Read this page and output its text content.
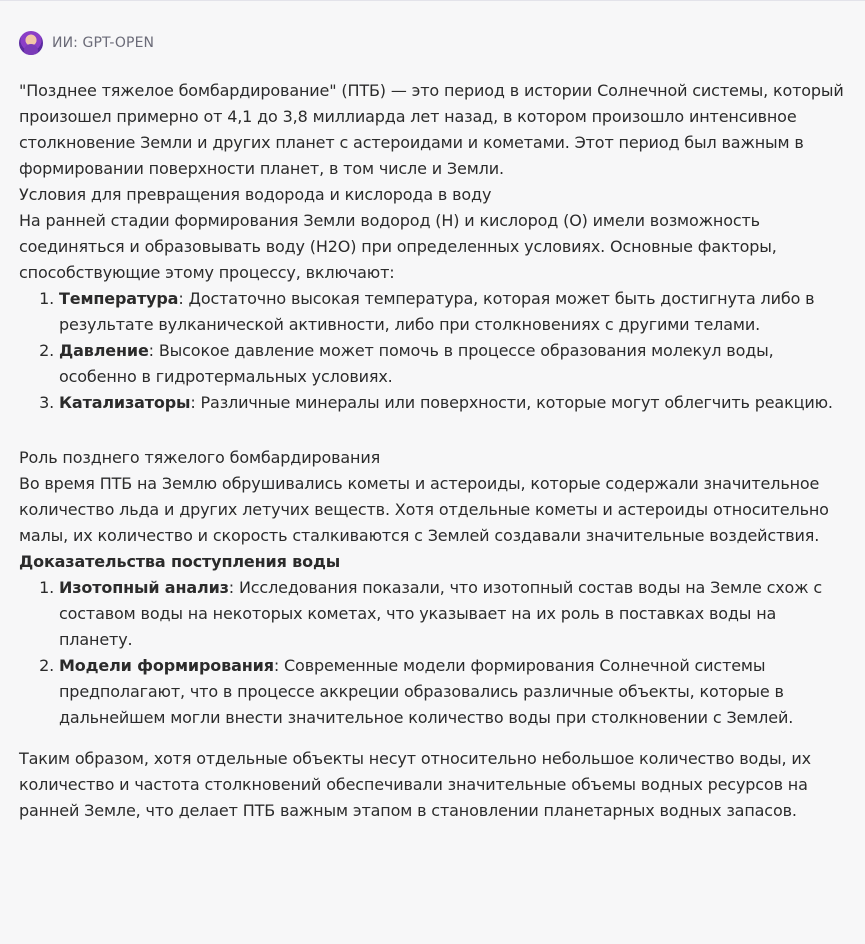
ИИ: GPT-OPEN

"Позднее тяжелое бомбардирование" (ПТБ) — это период в истории Солнечной системы, который произошел примерно от 4,1 до 3,8 миллиарда лет назад, в котором произошло интенсивное столкновение Земли и других планет с астероидами и кометами. Этот период был важным в формировании поверхности планет, в том числе и Земли.

Условия для превращения водорода и кислорода в воду

На ранней стадии формирования Земли водород (H) и кислород (O) имели возможность соединяться и образовывать воду (H2O) при определенных условиях. Основные факторы, способствующие этому процессу, включают:

1. Температура: Достаточно высокая температура, которая может быть достигнута либо в результате вулканической активности, либо при столкновениях с другими телами.
2. Давление: Высокое давление может помочь в процессе образования молекул воды, особенно в гидротермальных условиях.
3. Катализаторы: Различные минералы или поверхности, которые могут облегчить реакцию.

Роль позднего тяжелого бомбардирования

Во время ПТБ на Землю обрушивались кометы и астероиды, которые содержали значительное количество льда и других летучих веществ. Хотя отдельные кометы и астероиды относительно малы, их количество и скорость сталкиваются с Землей создавали значительные воздействия.

Доказательства поступления воды

1. Изотопный анализ: Исследования показали, что изотопный состав воды на Земле схож с составом воды на некоторых кометах, что указывает на их роль в поставках воды на планету.
2. Модели формирования: Современные модели формирования Солнечной системы предполагают, что в процессе аккреции образовались различные объекты, которые в дальнейшем могли внести значительное количество воды при столкновении с Землей.

Таким образом, хотя отдельные объекты несут относительно небольшое количество воды, их количество и частота столкновений обеспечивали значительные объемы водных ресурсов на ранней Земле, что делает ПТБ важным этапом в становлении планетарных водных запасов.
